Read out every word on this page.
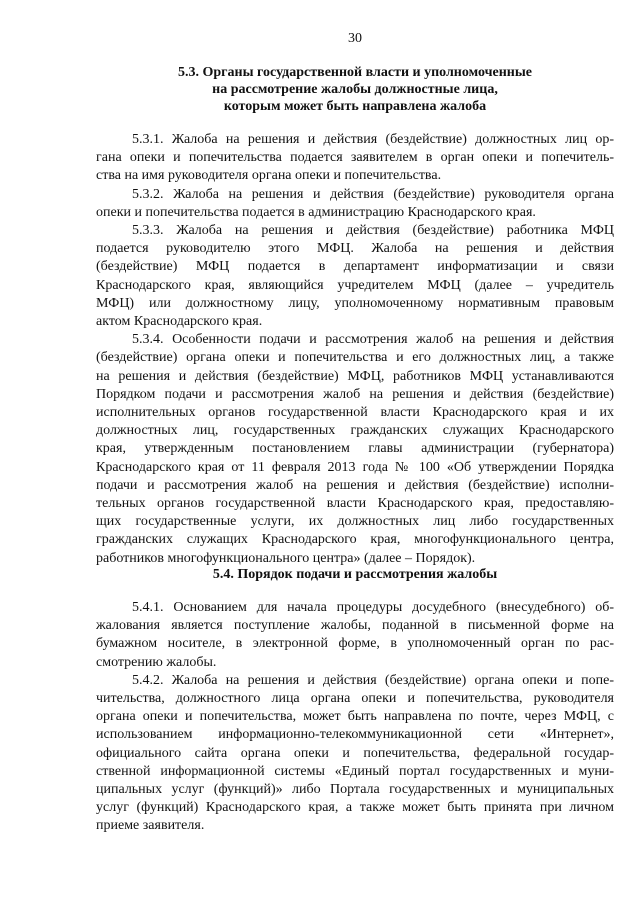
30
5.3. Органы государственной власти и уполномоченные
на рассмотрение жалобы должностные лица,
которым может быть направлена жалоба

5.3.1. Жалоба на решения и действия (бездействие) должностных лиц ор-
гана опеки и попечительства подается заявителем в орган опеки и попечитель-
ства на имя руководителя органа опеки и попечительства.

5.3.2. Жалоба на решения и действия (бездействие) руководителя органа
опеки и попечительства подается в администрацию Краснодарского края.

5.3.3. Жалоба на решения и действия (бездействие) работника МФЦ
подается руководителю этого МФЦ. Жалоба на решения и действия
(бездействие) МФЦ подается в департамент информатизации и связи
Краснодарского края, являющийся учредителем МФЦ (далее – учредитель
МФЦ) или должностному лицу, уполномоченному нормативным правовым
актом Краснодарского края.

5.3.4. Особенности подачи и рассмотрения жалоб на решения и действия
(бездействие) органа опеки и попечительства и его должностных лиц, а также
на решения и действия (бездействие) МФЦ, работников МФЦ устанавливаются
Порядком подачи и рассмотрения жалоб на решения и действия (бездействие)
исполнительных органов государственной власти Краснодарского края и их
должностных лиц, государственных гражданских служащих Краснодарского
края, утвержденным постановлением главы администрации (губернатора)
Краснодарского края от 11 февраля 2013 года № 100 «Об утверждении Порядка
подачи и рассмотрения жалоб на решения и действия (бездействие) исполни-
тельных органов государственной власти Краснодарского края, предоставляю-
щих государственные услуги, их должностных лиц либо государственных
гражданских служащих Краснодарского края, многофункционального центра,
работников многофункционального центра» (далее – Порядок).

5.4. Порядок подачи и рассмотрения жалобы

5.4.1. Основанием для начала процедуры досудебного (внесудебного) об-
жалования является поступление жалобы, поданной в письменной форме на
бумажном носителе, в электронной форме, в уполномоченный орган по рас-
смотрению жалобы.

5.4.2. Жалоба на решения и действия (бездействие) органа опеки и попе-
чительства, должностного лица органа опеки и попечительства, руководителя
органа опеки и попечительства, может быть направлена по почте, через МФЦ, с
использованием информационно-телекоммуникационной сети «Интернет»,
официального сайта органа опеки и попечительства, федеральной государ-
ственной информационной системы «Единый портал государственных и муни-
ципальных услуг (функций)» либо Портала государственных и муниципальных
услуг (функций) Краснодарского края, а также может быть принята при личном
приеме заявителя.
